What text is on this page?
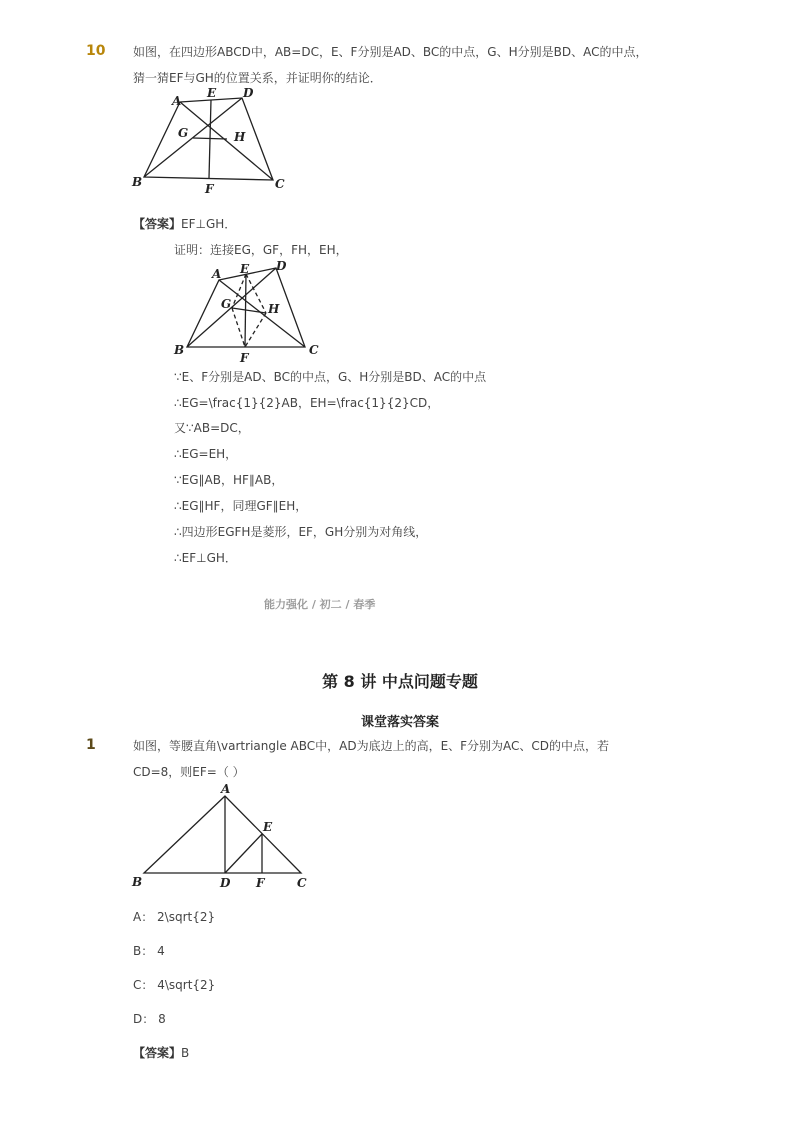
10 如图，在四边形ABCD中，AB=DC，E、F分别是AD、BC的中点，G、H分别是BD、AC的中点，
猜一猜EF与GH的位置关系，并证明你的结论．
A
E D
G	H
B	F	C
【答案】EF⊥GH．
证明：连接EG，GF，FH，EH，
A E D
G	H
B
F
C
∵E、F分别是AD、BC的中点，G、H分别是BD、AC的中点
∴EG=\frac{1}{2}AB，EH=\frac{1}{2}CD，
又∵AB=DC，
∴EG=EH，
∵EG∥AB，HF∥AB，
∴EG∥HF，同理GF∥EH，
∴四边形EGFH是菱形，EF，GH分别为对角线，
∴EF⊥GH．
能力强化 / 初二 / 春季
第 8 讲 中点问题专题
课堂落实答案
1	如图，等腰直角\vartriangle ABC中，AD为底边上的高，E、F分别为AC、CD的中点，若
CD=8，则EF=（ ）
A
E
B	D F	C
A： 2\sqrt{2}
B： 4
C： 4\sqrt{2}
D： 8
【答案】B
